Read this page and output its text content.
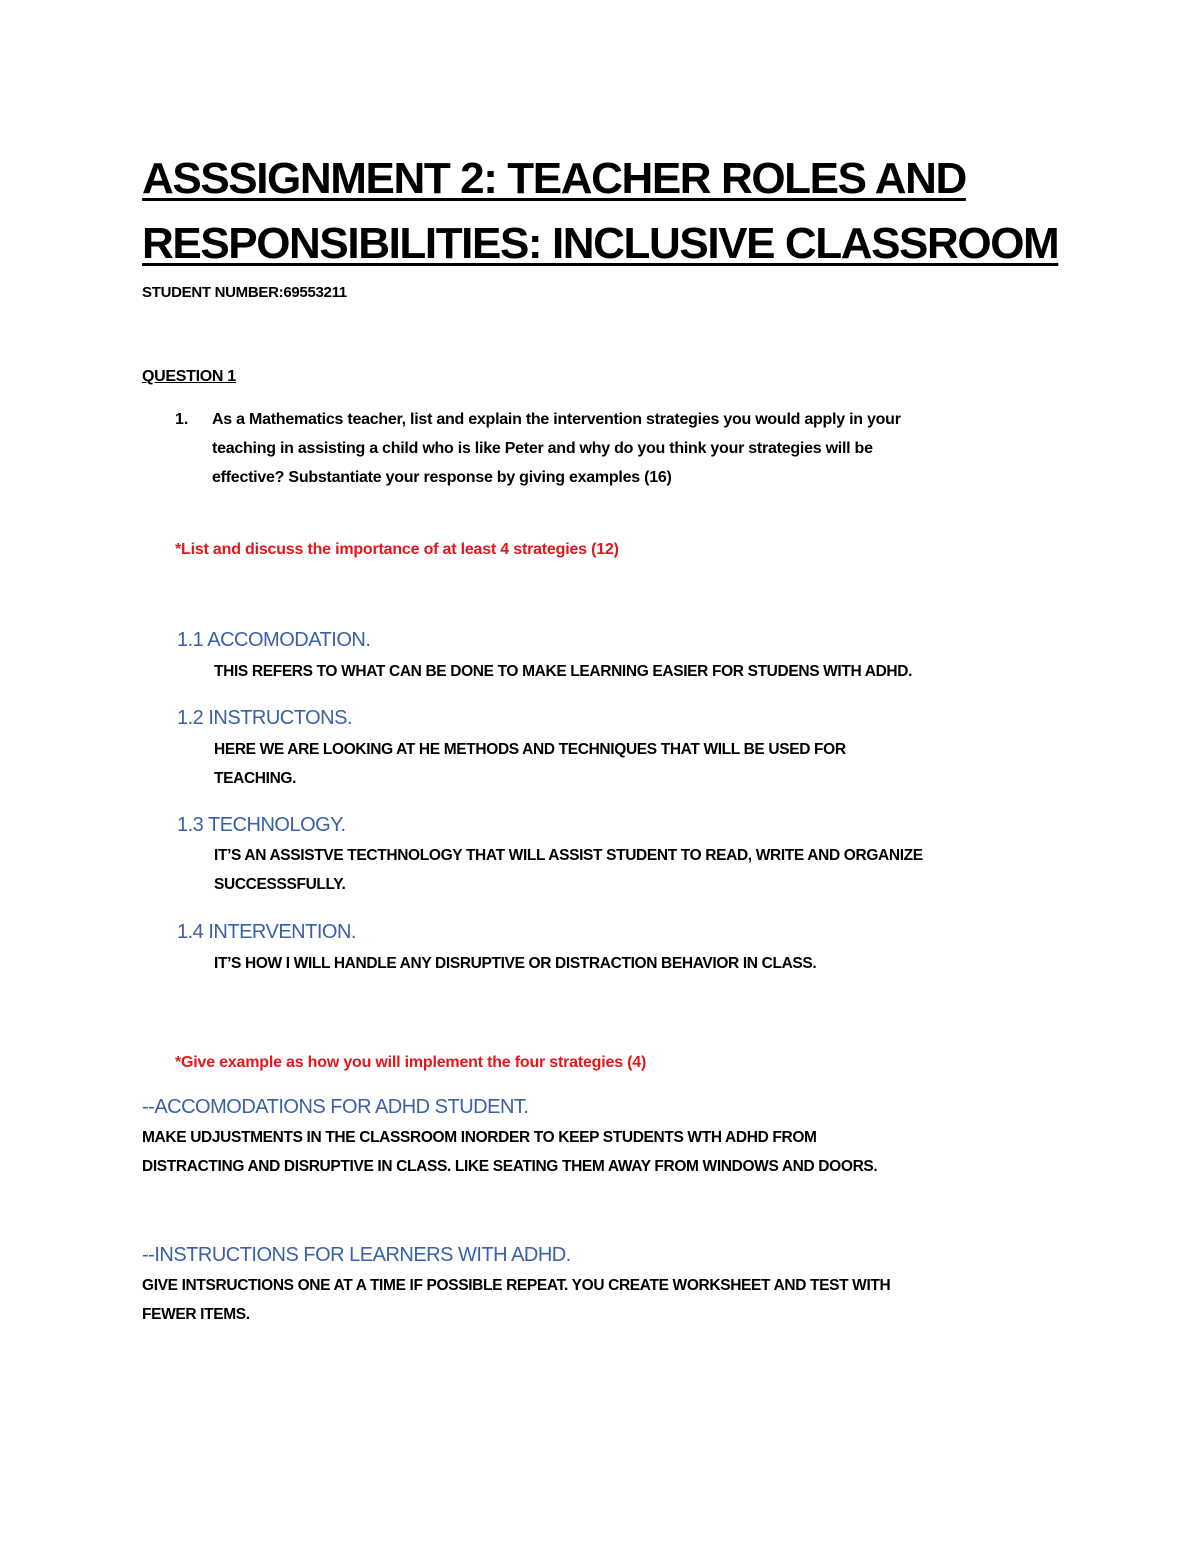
ASSSIGNMENT 2: TEACHER ROLES AND
RESPONSIBILITIES: INCLUSIVE CLASSROOM
STUDENT NUMBER:69553211
QUESTION 1
1. As a Mathematics teacher, list and explain the intervention strategies you would apply in your
teaching in assisting a child who is like Peter and why do you think your strategies will be
effective? Substantiate your response by giving examples (16)
*List and discuss the importance of at least 4 strategies (12)
1.1 ACCOMODATION.
THIS REFERS TO WHAT CAN BE DONE TO MAKE LEARNING EASIER FOR STUDENS WITH ADHD.
1.2 INSTRUCTONS.
HERE WE ARE LOOKING AT HE METHODS AND TECHNIQUES THAT WILL BE USED FOR
TEACHING.
1.3 TECHNOLOGY.
IT’S AN ASSISTVE TECTHNOLOGY THAT WILL ASSIST STUDENT TO READ, WRITE AND ORGANIZE
SUCCESSSFULLY.
1.4 INTERVENTION.
IT’S HOW I WILL HANDLE ANY DISRUPTIVE OR DISTRACTION BEHAVIOR IN CLASS.
*Give example as how you will implement the four strategies (4)
--ACCOMODATIONS FOR ADHD STUDENT.
MAKE UDJUSTMENTS IN THE CLASSROOM INORDER TO KEEP STUDENTS WTH ADHD FROM
DISTRACTING AND DISRUPTIVE IN CLASS. LIKE SEATING THEM AWAY FROM WINDOWS AND DOORS.
--INSTRUCTIONS FOR LEARNERS WITH ADHD.
GIVE INTSRUCTIONS ONE AT A TIME IF POSSIBLE REPEAT. YOU CREATE WORKSHEET AND TEST WITH
FEWER ITEMS.
